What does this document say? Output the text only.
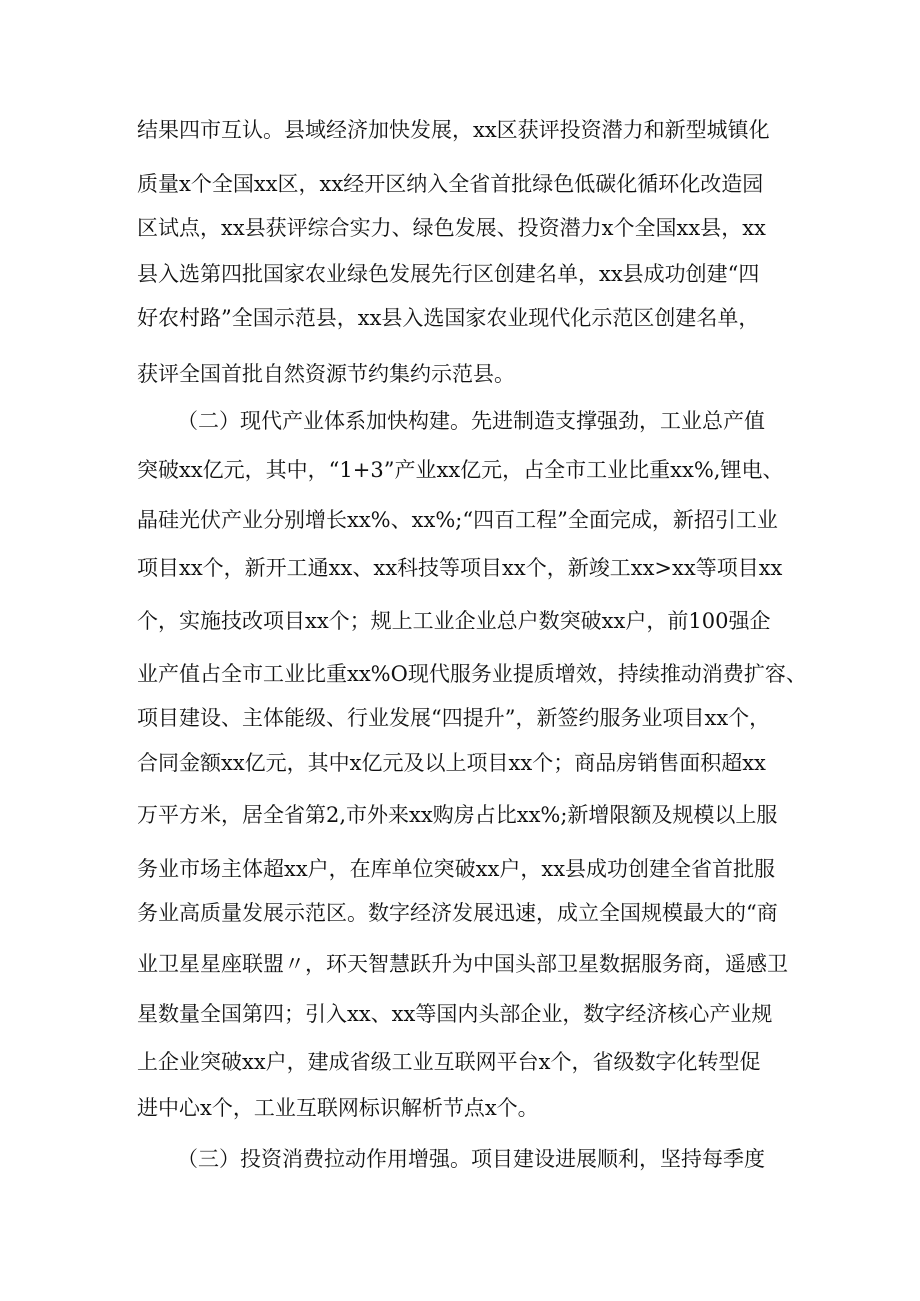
结果四市互认。县域经济加快发展，xx区获评投资潜力和新型城镇化
质量x个全国xx区，xx经开区纳入全省首批绿色低碳化循环化改造园
区试点，xx县获评综合实力、绿色发展、投资潜力x个全国xx县，xx
县入选第四批国家农业绿色发展先行区创建名单，xx县成功创建“四
好农村路”全国示范县，xx县入选国家农业现代化示范区创建名单，
获评全国首批自然资源节约集约示范县。
（二）现代产业体系加快构建。先进制造支撑强劲，工业总产值
突破xx亿元，其中，“1+3”产业xx亿元，占全市工业比重xx%,锂电、
晶硅光伏产业分别增长xx%、xx%;“四百工程”全面完成，新招引工业
项目xx个，新开工通xx、xx科技等项目xx个，新竣工xx>xx等项目xx
个，实施技改项目xx个；规上工业企业总户数突破xx户，前100强企
业产值占全市工业比重xx%O现代服务业提质增效，持续推动消费扩容、
项目建设、主体能级、行业发展“四提升”，新签约服务业项目xx个，
合同金额xx亿元，其中x亿元及以上项目xx个；商品房销售面积超xx
万平方米，居全省第2,市外来xx购房占比xx%;新增限额及规模以上服
务业市场主体超xx户，在库单位突破xx户，xx县成功创建全省首批服
务业高质量发展示范区。数字经济发展迅速，成立全国规模最大的“商
业卫星星座联盟〃，环天智慧跃升为中国头部卫星数据服务商，遥感卫
星数量全国第四；引入xx、xx等国内头部企业，数字经济核心产业规
上企业突破xx户，建成省级工业互联网平台x个，省级数字化转型促
进中心x个，工业互联网标识解析节点x个。
（三）投资消费拉动作用增强。项目建设进展顺利，坚持每季度
